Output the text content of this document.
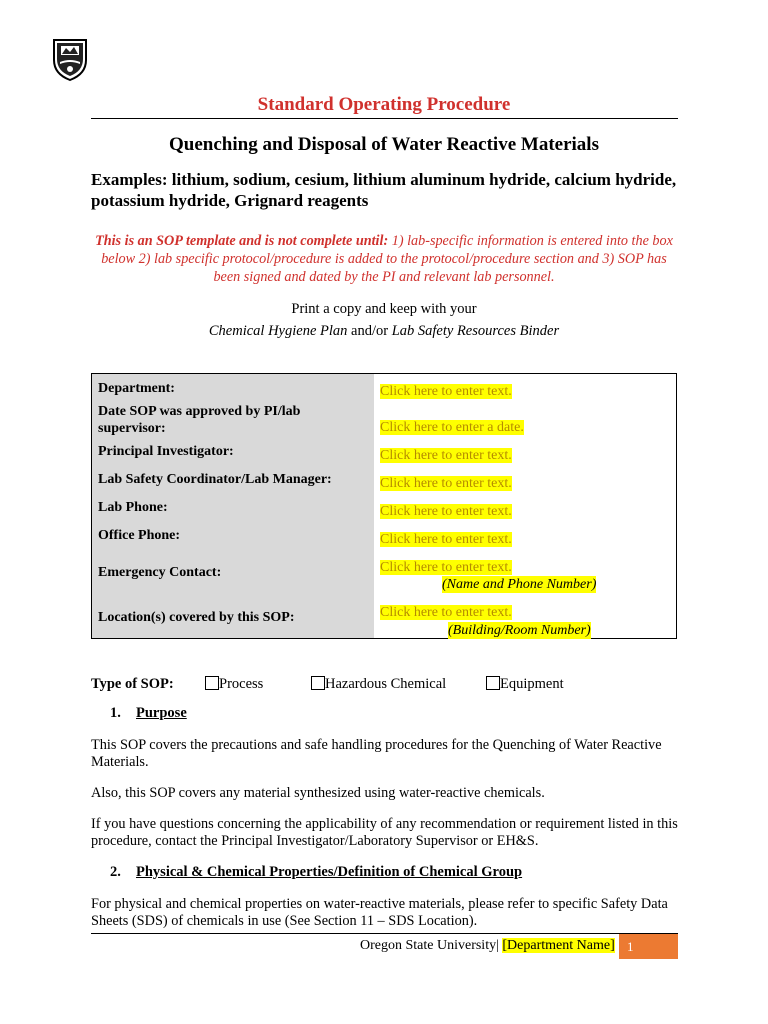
Standard Operating Procedure
Quenching and Disposal of Water Reactive Materials
Examples: lithium, sodium, cesium, lithium aluminum hydride, calcium hydride, potassium hydride, Grignard reagents
This is an SOP template and is not complete until: 1) lab-specific information is entered into the box below 2) lab specific protocol/procedure is added to the protocol/procedure section and 3) SOP has been signed and dated by the PI and relevant lab personnel.
Print a copy and keep with your
Chemical Hygiene Plan and/or Lab Safety Resources Binder
Department:	Click here to enter text.
Date SOP was approved by PI/lab supervisor:	Click here to enter a date.
Principal Investigator:	Click here to enter text.
Lab Safety Coordinator/Lab Manager:	Click here to enter text.
Lab Phone:	Click here to enter text.
Office Phone:	Click here to enter text.
Emergency Contact:	Click here to enter text.
(Name and Phone Number)
Location(s) covered by this SOP:	Click here to enter text.
(Building/Room Number)
Type of SOP:	Process	Hazardous Chemical	Equipment
1. Purpose
This SOP covers the precautions and safe handling procedures for the Quenching of Water Reactive Materials.
Also, this SOP covers any material synthesized using water-reactive chemicals.
If you have questions concerning the applicability of any recommendation or requirement listed in this procedure, contact the Principal Investigator/Laboratory Supervisor or EH&S.
2. Physical & Chemical Properties/Definition of Chemical Group
For physical and chemical properties on water-reactive materials, please refer to specific Safety Data Sheets (SDS) of chemicals in use (See Section 11 – SDS Location).
Oregon State University| [Department Name] 1
